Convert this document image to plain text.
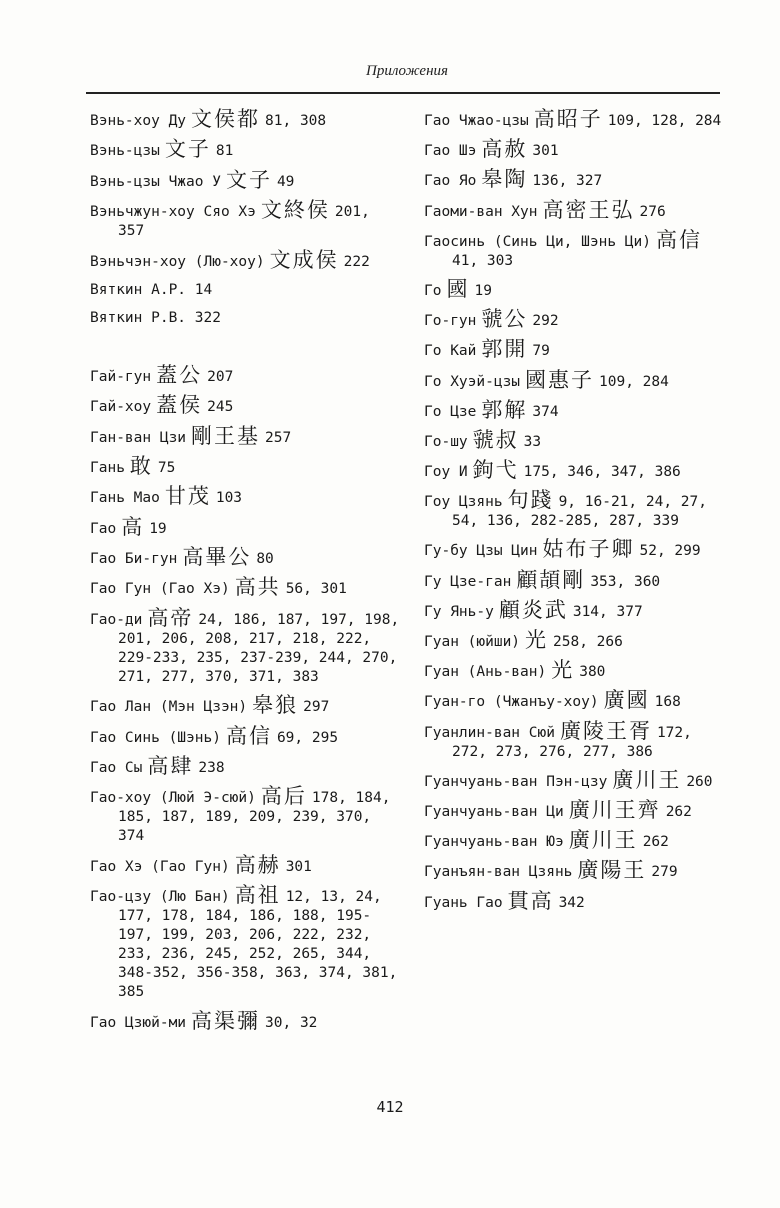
Приложения
Вэнь-хоу Ду 文侯都 81, 308
Вэнь-цзы 文子 81
Вэнь-цзы Чжао У 文子 49
Вэньчжун-хоу Сяо Хэ 文終侯 201, 357
Вэньчэн-хоу (Лю-хоу) 文成侯 222
Вяткин А.Р. 14
Вяткин Р.В. 322
Гай-гун 蓋公 207
Гай-хоу 蓋侯 245
Ган-ван Цзи 剛王基 257
Гань 敢 75
Гань Мао 甘茂 103
Гао 高 19
Гао Би-гун 高畢公 80
Гао Гун (Гао Хэ) 高共 56, 301
Гао-ди 高帝 24, 186, 187, 197, 198, 201, 206, 208, 217, 218, 222, 229-233, 235, 237-239, 244, 270, 271, 277, 370, 371, 383
Гао Лан (Мэн Цзэн) 皋狼 297
Гао Синь (Шэнь) 高信 69, 295
Гао Сы 高肆 238
Гао-хоу (Люй Э-сюй) 高后 178, 184, 185, 187, 189, 209, 239, 370, 374
Гао Хэ (Гао Гун) 高赫 301
Гао-цзу (Лю Бан) 高祖 12, 13, 24, 177, 178, 184, 186, 188, 195-197, 199, 203, 206, 222, 232, 233, 236, 245, 252, 265, 344, 348-352, 356-358, 363, 374, 381, 385
Гао Цзюй-ми 高渠彌 30, 32
Гао Чжао-цзы 高昭子 109, 128, 284
Гао Шэ 高赦 301
Гао Яо 皋陶 136, 327
Гаоми-ван Хун 高密王弘 276
Гаосинь (Синь Ци, Шэнь Ци) 高信41, 303
Го 國 19
Го-гун 虢公 292
Го Кай 郭開 79
Го Хуэй-цзы 國惠子 109, 284
Го Цзе 郭解 374
Го-шу 虢叔 33
Гоу И 鉤弋 175, 346, 347, 386
Гоу Цзянь 句踐 9, 16-21, 24, 27, 54, 136, 282-285, 287, 339
Гу-бу Цзы Цин 姑布子卿 52, 299
Гу Цзе-ган 顧頡剛 353, 360
Гу Янь-у 顧炎武 314, 377
Гуан (юйши) 光 258, 266
Гуан (Ань-ван) 光 380
Гуан-го (Чжанъу-хоу) 廣國 168
Гуанлин-ван Сюй 廣陵王胥 172, 272, 273, 276, 277, 386
Гуанчуань-ван Пэн-цзу 廣川王 260
Гуанчуань-ван Ци 廣川王齊 262
Гуанчуань-ван Юэ 廣川王 262
Гуанъян-ван Цзянь 廣陽王 279
Гуань Гао 貫高 342
412
